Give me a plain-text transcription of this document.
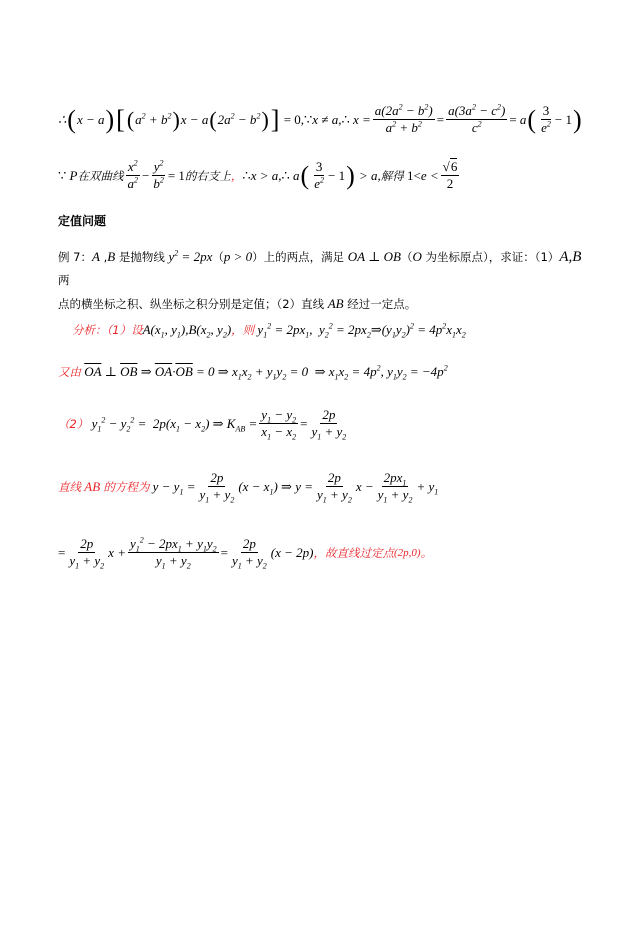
∴ ( x − a ) [ ( $a^2 + b^2$ ) x − a ( $2a^2 - b^2$ ) ] = 0,∵ x ≠ a, ∴ $x = \frac{a(2a^2 - b^2)}{a^2 + b^2} = \frac{a(3a^2 - c^2)}{c^2} = a$ ( $\frac{3}{e^2} - 1$ )
∵ P 在双曲线 $\frac{x^2}{a^2} - \frac{y^2}{b^2} = 1$ 的右支上 ， ∴ x > a, ∴ a ( $\frac{3}{e^2} - 1$ ) > a, 解得 $1< e < \frac{√6}{2}$
定值问题
例 7：A ,B 是抛物线 $y^2 = 2px(p > 0)$上的两点，满足 OA ⊥ OB（O 为坐标原点），求证：（1）A,B两
点的横坐标之积、纵坐标之积分别是定值；（2）直线 AB 经过一定点。
分析：（1）设 $A(x_1$, $y_1),B(x_2$, $y_2$) ，则 $y_1^2 = 2px_1$,  $y_2^2$ = $2px_2\Rightarrow(y_1y_2)^2 = 4p^2x_1x_2$
又由 $\overline{OA}$ ⊥ $\overline{OB}$ ⇒ $\overline{OA}\cdot\overline{OB} = 0$ ⇒ $x_1x_2 + y_1y_2 = 0$  ⇒ $x_1x_2 = 4p^2$, $y_1y_2 = -4p^2$
（2） $y_1^2 - y_2^2 = 2p(x_1 - x_2)$ ⇒ $K_{AB} = \frac{y_1 - y_2}{x_1 - x_2} = \frac{2p}{y_1 + y_2}$
直线 AB 的方程为 $y - y_1 = \frac{2p}{y_1 + y_2} (x - x_1)$ ⇒ $y = \frac{2p}{y_1 + y_2}$ $x - \frac{2px_1}{y_1 + y_2} + y_1$
= $\frac{2p}{y_1 + y_2}$ $x + \frac{y_1^2 - 2px_1 + y_1y_2}{y_1 + y_2} = \frac{2p}{y_1 + y_2} (x - 2p)$ ，故直线过定点 (2p,0) 。
